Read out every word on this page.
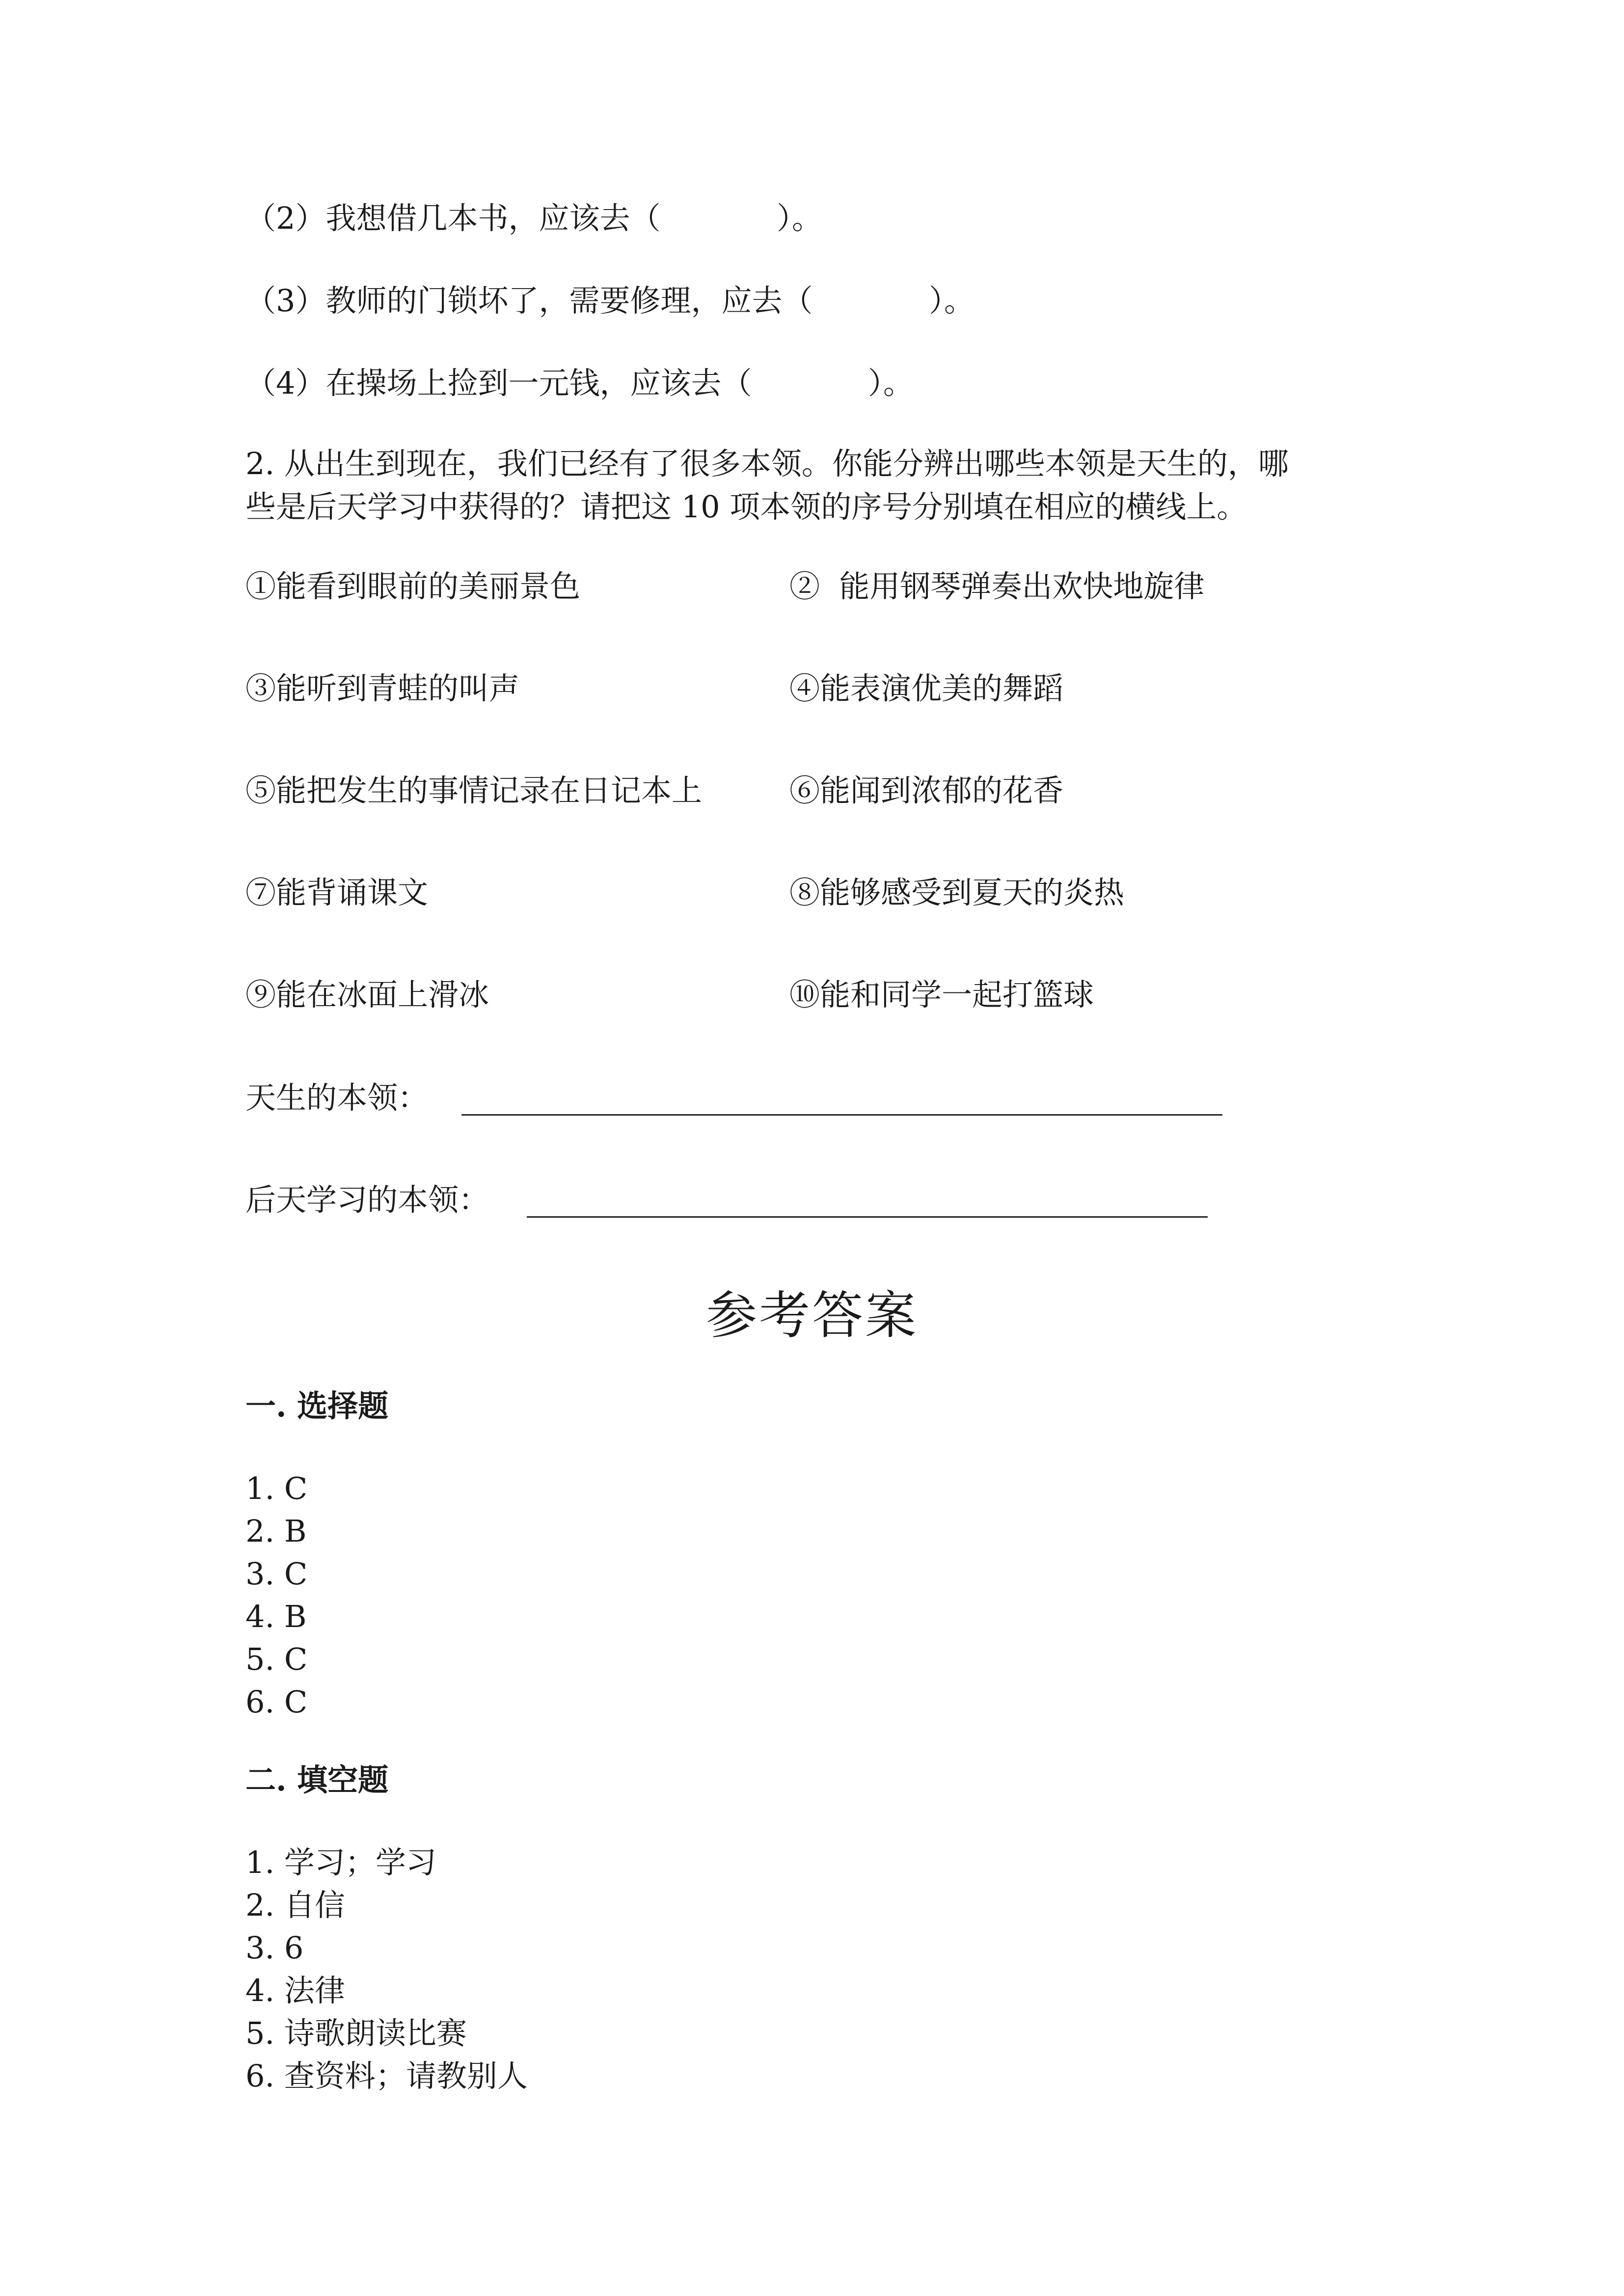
（2）我想借几本书，应该去（            ）。
（3）教师的门锁坏了，需要修理，应去（            ）。
（4）在操场上捡到一元钱，应该去（            ）。
2. 从出生到现在，我们已经有了很多本领。你能分辨出哪些本领是天生的，哪
些是后天学习中获得的？请把这 10 项本领的序号分别填在相应的横线上。
①能看到眼前的美丽景色	②  能用钢琴弹奏出欢快地旋律
③能听到青蛙的叫声	④能表演优美的舞蹈
⑤能把发生的事情记录在日记本上	⑥能闻到浓郁的花香
⑦能背诵课文	⑧能够感受到夏天的炎热
⑨能在冰面上滑冰	⑩能和同学一起打篮球
天生的本领：
后天学习的本领：
参考答案
一. 选择题
1. C
2. B
3. C
4. B
5. C
6. C
二. 填空题
1. 学习；学习
2. 自信
3. 6
4. 法律
5. 诗歌朗读比赛
6. 查资料；请教别人
